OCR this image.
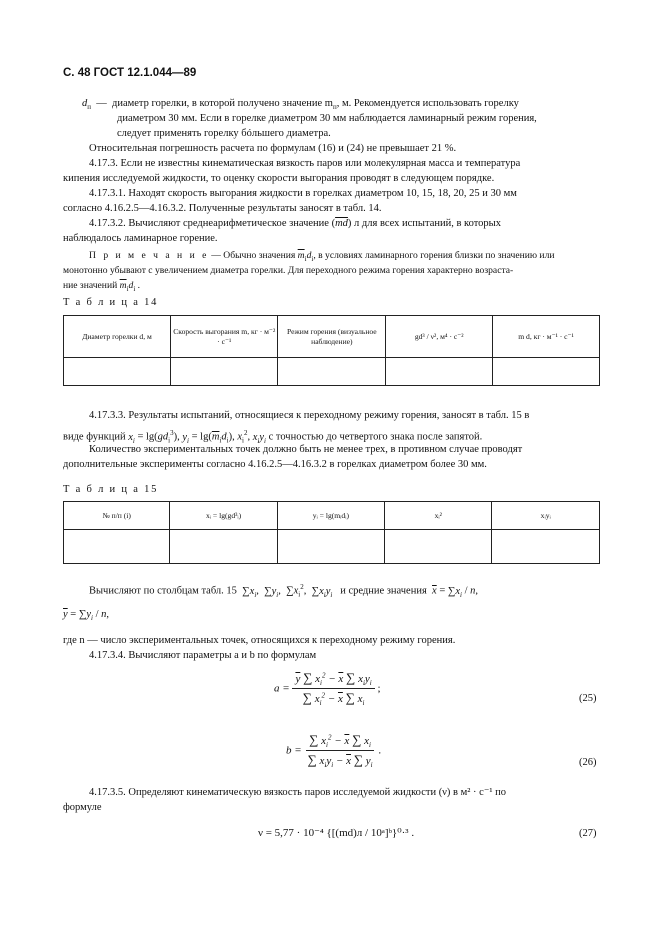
С. 48 ГОСТ 12.1.044—89
$d_п$ — диаметр горелки, в которой получено значение $m_п$, м. Рекомендуется использовать горелку
диаметром 30 мм. Если в горелке диаметром 30 мм наблюдается ламинарный режим горения,
следует применять горелку бóльшего диаметра.
Относительная погрешность расчета по формулам (16) и (24) не превышает 21 %.
4.17.3. Если не известны кинематическая вязкость паров или молекулярная масса и температура
кипения исследуемой жидкости, то оценку скорости выгорания проводят в следующем порядке.
4.17.3.1. Находят скорость выгорания жидкости в горелках диаметром 10, 15, 18, 20, 25 и 30 мм
согласно 4.16.2.5—4.16.3.2. Полученные результаты заносят в табл. 14.
4.17.3.2. Вычисляют среднеарифметическое значение $(\overline{md})$ л для всех испытаний, в которых
наблюдалось ламинарное горение.
П р и м е ч а н и е — Обычно значения $\overline{m}_id_i$, в условиях ламинарного горения близки по значению или
монотонно убывают с увеличением диаметра горелки. Для переходного режима горения характерно возраста-
ние значений $\overline{m}_id_i$ .
Т а б л и ц а 14
Диаметр горелки d, м	Скорость выгорания m, кг · м⁻² · с⁻¹	Режим горения (визуальное наблюдение)	gd³ / ν², м⁴ · с⁻²	m d, кг · м⁻¹ · с⁻¹

4.17.3.3. Результаты испытаний, относящиеся к переходному режиму горения, заносят в табл. 15 в
виде функций $x_i = \lg(gd_i^3)$, $y_i = \lg(\overline{m}_id_i)$, $x_i^2$, $x_iy_i$ с точностью до четвертого знака после запятой.
Количество экспериментальных точек должно быть не менее трех, в противном случае проводят
дополнительные эксперименты согласно 4.16.2.5—4.16.3.2 в горелках диаметром более 30 мм.
Т а б л и ц а 15
№ п/п (i)	xᵢ = lg(gd³ᵢ)	yᵢ = lg(mᵢdᵢ)	xᵢ²	xᵢyᵢ

Вычисляют по столбцам табл. 15 $\sum x_i$,  $\sum y_i$,  $\sum x_i^2$,  $\sum x_iy_i$ и средние значения $\overline{x} = \sum x_i / n$,
$\overline{y} = \sum y_i / n$,
где n — число экспериментальных точек, относящихся к переходному режиму горения.
4.17.3.4. Вычисляют параметры a и b по формулам
$a = \frac{\overline{y} \sum x_i^2 - \overline{x} \sum x_iy_i}{\sum x_i^2 - \overline{x} \sum x_i}$ ;
(25)
$b = \frac{\sum x_i^2 - \overline{x} \sum x_i}{\sum x_iy_i - \overline{x} \sum y_i}$ .
(26)
4.17.3.5. Определяют кинематическую вязкость паров исследуемой жидкости (ν) в м² · с⁻¹ по
формуле
ν = 5,77 · 10⁻⁴ {[(md)л / 10ᵃ]ᵇ}⁰·³ .	(27)
